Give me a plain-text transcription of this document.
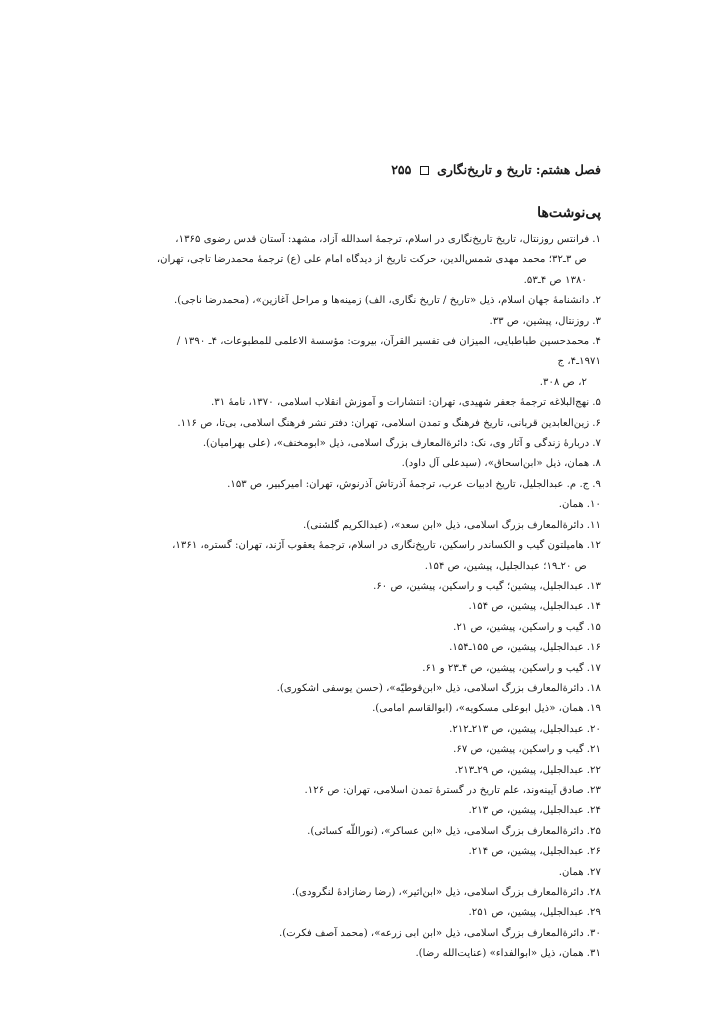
فصل هشتم: تاریخ و تاریخ‌نگاری  ۲۵۵
پی‌نوشت‌ها
۱.فرانتس روزنتال، تاریخ تاریخ‌نگاری در اسلام، ترجمهٔ اسدالله آزاد، مشهد: آستان قدس رضوی ۱۳۶۵،
ص ۳ـ۳۲؛ محمد مهدی شمس‌الدین، حرکت تاریخ از دیدگاه امام علی (ع) ترجمهٔ محمدرضا تاجی، تهران،
۱۳۸۰ ص ۴ـ۵۳.
۲.دانشنامهٔ جهان اسلام، ذیل «تاریخ / تاریخ نگاری، الف) زمینه‌ها و مراحل آغازین»، (محمدرضا ناجی).
۳.روزنتال، پیشین، ص ۳۳.
۴.محمدحسین طباطبایی، المیزان فی تفسیر القرآن، بیروت: مؤسسة الاعلمی للمطبوعات، ۴ـ ۱۳۹۰ / ۱۹۷۱ـ۴، ج
۲، ص ۳۰۸.
۵.نهج‌البلاغه ترجمهٔ جعفر شهیدی، تهران: انتشارات و آموزش انقلاب اسلامی، ۱۳۷۰، نامهٔ ۳۱.
۶.زین‌العابدین قربانی، تاریخ فرهنگ و تمدن اسلامی، تهران: دفتر نشر فرهنگ اسلامی، بی‌تا، ص ۱۱۶.
۷.دربارهٔ زندگی و آثار وی، نک: دائرةالمعارف بزرگ اسلامی، ذیل «ابومخنف»، (علی بهرامیان).
۸.همان، ذیل «ابن‌اسحاق»، (سیدعلی آل داود).
۹.ج. م. عبدالجلیل، تاریخ ادبیات عرب، ترجمهٔ آذرتاش آذرنوش، تهران: امیرکبیر، ص ۱۵۳.
۱۰.همان.
۱۱.دائرةالمعارف بزرگ اسلامی، ذیل «ابن سعد»، (عبدالکریم گلشنی).
۱۲.هامیلتون گیب و الکساندر راسکین، تاریخ‌نگاری در اسلام، ترجمهٔ یعقوب آژند، تهران: گستره، ۱۳۶۱،
ص ۲۰ـ۱۹؛ عبدالجلیل، پیشین، ص ۱۵۴.
۱۳.عبدالجلیل، پیشین؛ گیب و راسکین، پیشین، ص ۶۰.
۱۴.عبدالجلیل، پیشین، ص ۱۵۴.
۱۵.گیب و راسکین، پیشین، ص ۲۱.
۱۶.عبدالجلیل، پیشین، ص ۱۵۵ـ۱۵۴.
۱۷.گیب و راسکین، پیشین، ص ۴ـ۲۳ و ۶۱.
۱۸.دائرةالمعارف بزرگ اسلامی، ذیل «ابن‌قوطیّه»، (حسن یوسفی اشکوری).
۱۹.همان، «ذیل ابوعلی مسکویه»، (ابوالقاسم امامی).
۲۰.عبدالجلیل، پیشین، ص ۲۱۳ـ۲۱۲.
۲۱.گیب و راسکین، پیشین، ص ۶۷.
۲۲.عبدالجلیل، پیشین، ص ۲۹ـ۲۱۳.
۲۳.صادق آیینه‌وند، علم تاریخ در گسترهٔ تمدن اسلامی، تهران: ص ۱۲۶.
۲۴.عبدالجلیل، پیشین، ص ۲۱۳.
۲۵.دائرةالمعارف بزرگ اسلامی، ذیل «ابن عساکر»، (نوراللّه کسائی).
۲۶.عبدالجلیل، پیشین، ص ۲۱۴.
۲۷.همان.
۲۸.دائرةالمعارف بزرگ اسلامی، ذیل «ابن‌اثیر»، (رضا رضازادهٔ لنگرودی).
۲۹.عبدالجلیل، پیشین، ص ۲۵۱.
۳۰.دائرةالمعارف بزرگ اسلامی، ذیل «ابن ابی زرعه»، (محمد آصف فکرت).
۳۱.همان، ذیل «ابوالفداء» (عنایت‌الله رضا).
